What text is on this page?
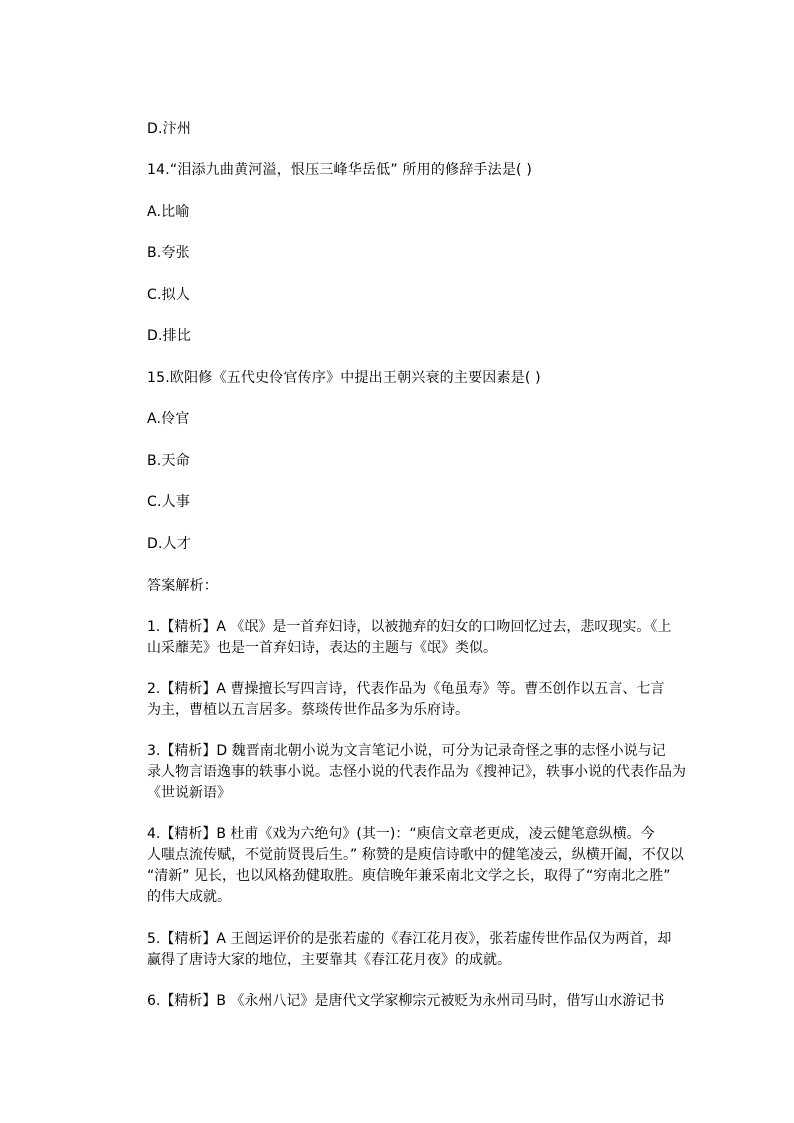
D.汴州
14.“泪添九曲黄河溢，恨压三峰华岳低” 所用的修辞手法是( )
A.比喻
B.夸张
C.拟人
D.排比
15.欧阳修《五代史伶官传序》中提出王朝兴衰的主要因素是( )
A.伶官
B.天命
C.人事
D.人才
答案解析：

1.【精析】A 《氓》是一首弃妇诗，以被抛弃的妇女的口吻回忆过去，悲叹现实。《上

山采蘼芜》也是一首弃妇诗，表达的主题与《氓》类似。

2.【精析】A 曹操擅长写四言诗，代表作品为《龟虽寿》等。曹丕创作以五言、七言

为主，曹植以五言居多。蔡琰传世作品多为乐府诗。

3.【精析】D 魏晋南北朝小说为文言笔记小说，可分为记录奇怪之事的志怪小说与记

录人物言语逸事的轶事小说。志怪小说的代表作品为《搜神记》，轶事小说的代表作品为

《世说新语》

4.【精析】B 杜甫《戏为六绝句》(其一)：“庾信文章老更成，凌云健笔意纵横。今

人嗤点流传赋，不觉前贤畏后生。” 称赞的是庾信诗歌中的健笔凌云，纵横开阖，不仅以

“清新” 见长，也以风格劲健取胜。庾信晚年兼采南北文学之长，取得了“穷南北之胜”

的伟大成就。

5.【精析】A 王闿运评价的是张若虚的《春江花月夜》，张若虚传世作品仅为两首，却

赢得了唐诗大家的地位，主要靠其《春江花月夜》的成就。

6.【精析】B 《永州八记》是唐代文学家柳宗元被贬为永州司马时，借写山水游记书
